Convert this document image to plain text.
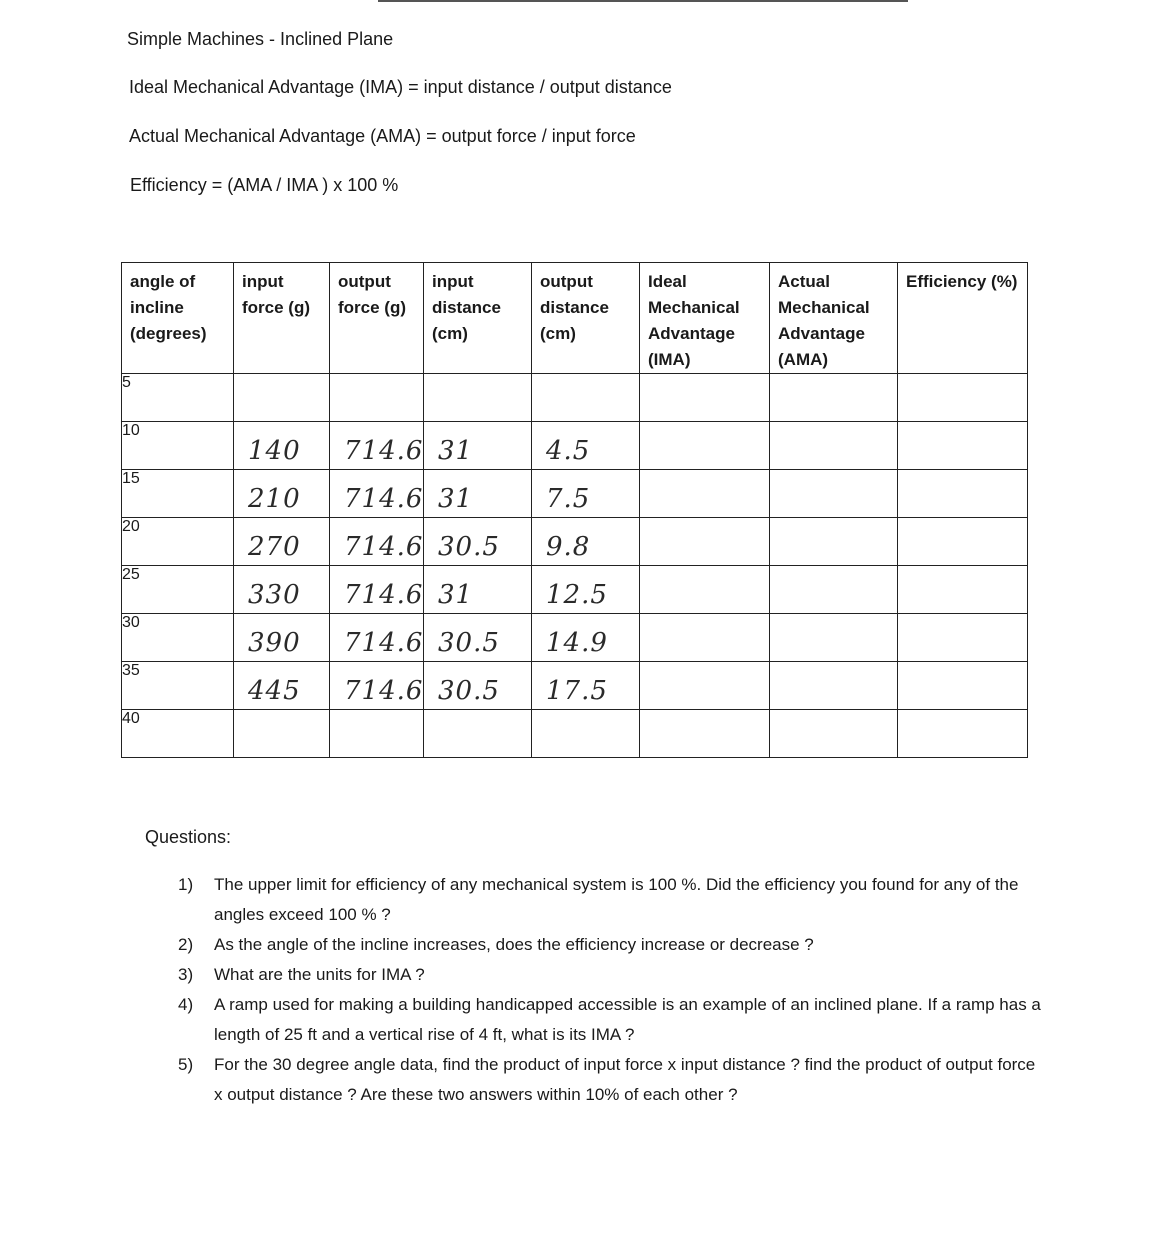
Simple Machines - Inclined Plane
Ideal Mechanical Advantage (IMA) = input distance / output distance
Actual Mechanical Advantage (AMA) = output force / input force
Efficiency = (AMA / IMA ) x 100 %
angle of incline (degrees)	input force (g)	output force (g)	input distance (cm)	output distance (cm)	Ideal Mechanical Advantage (IMA)	Actual Mechanical Advantage (AMA)	Efficiency (%)
5	

10	140	714.6	31	4.5			

15	210	714.6	31	7.5			

20	270	714.6	30.5	9.8			

25	330	714.6	31	12.5			

30	390	714.6	30.5	14.9			

35	445	714.6	30.5	17.5			

40	

Questions:
1) The upper limit for efficiency of any mechanical system is 100 %. Did the efficiency you found for any of the angles exceed 100 % ?
2) As the angle of the incline increases, does the efficiency increase or decrease ?
3) What are the units for IMA ?
4) A ramp used for making a building handicapped accessible is an example of an inclined plane. If a ramp has a length of 25 ft and a vertical rise of 4 ft, what is its IMA ?
5) For the 30 degree angle data, find the product of input force x input distance ? find the product of output force x output distance ? Are these two answers within 10% of each other ?
